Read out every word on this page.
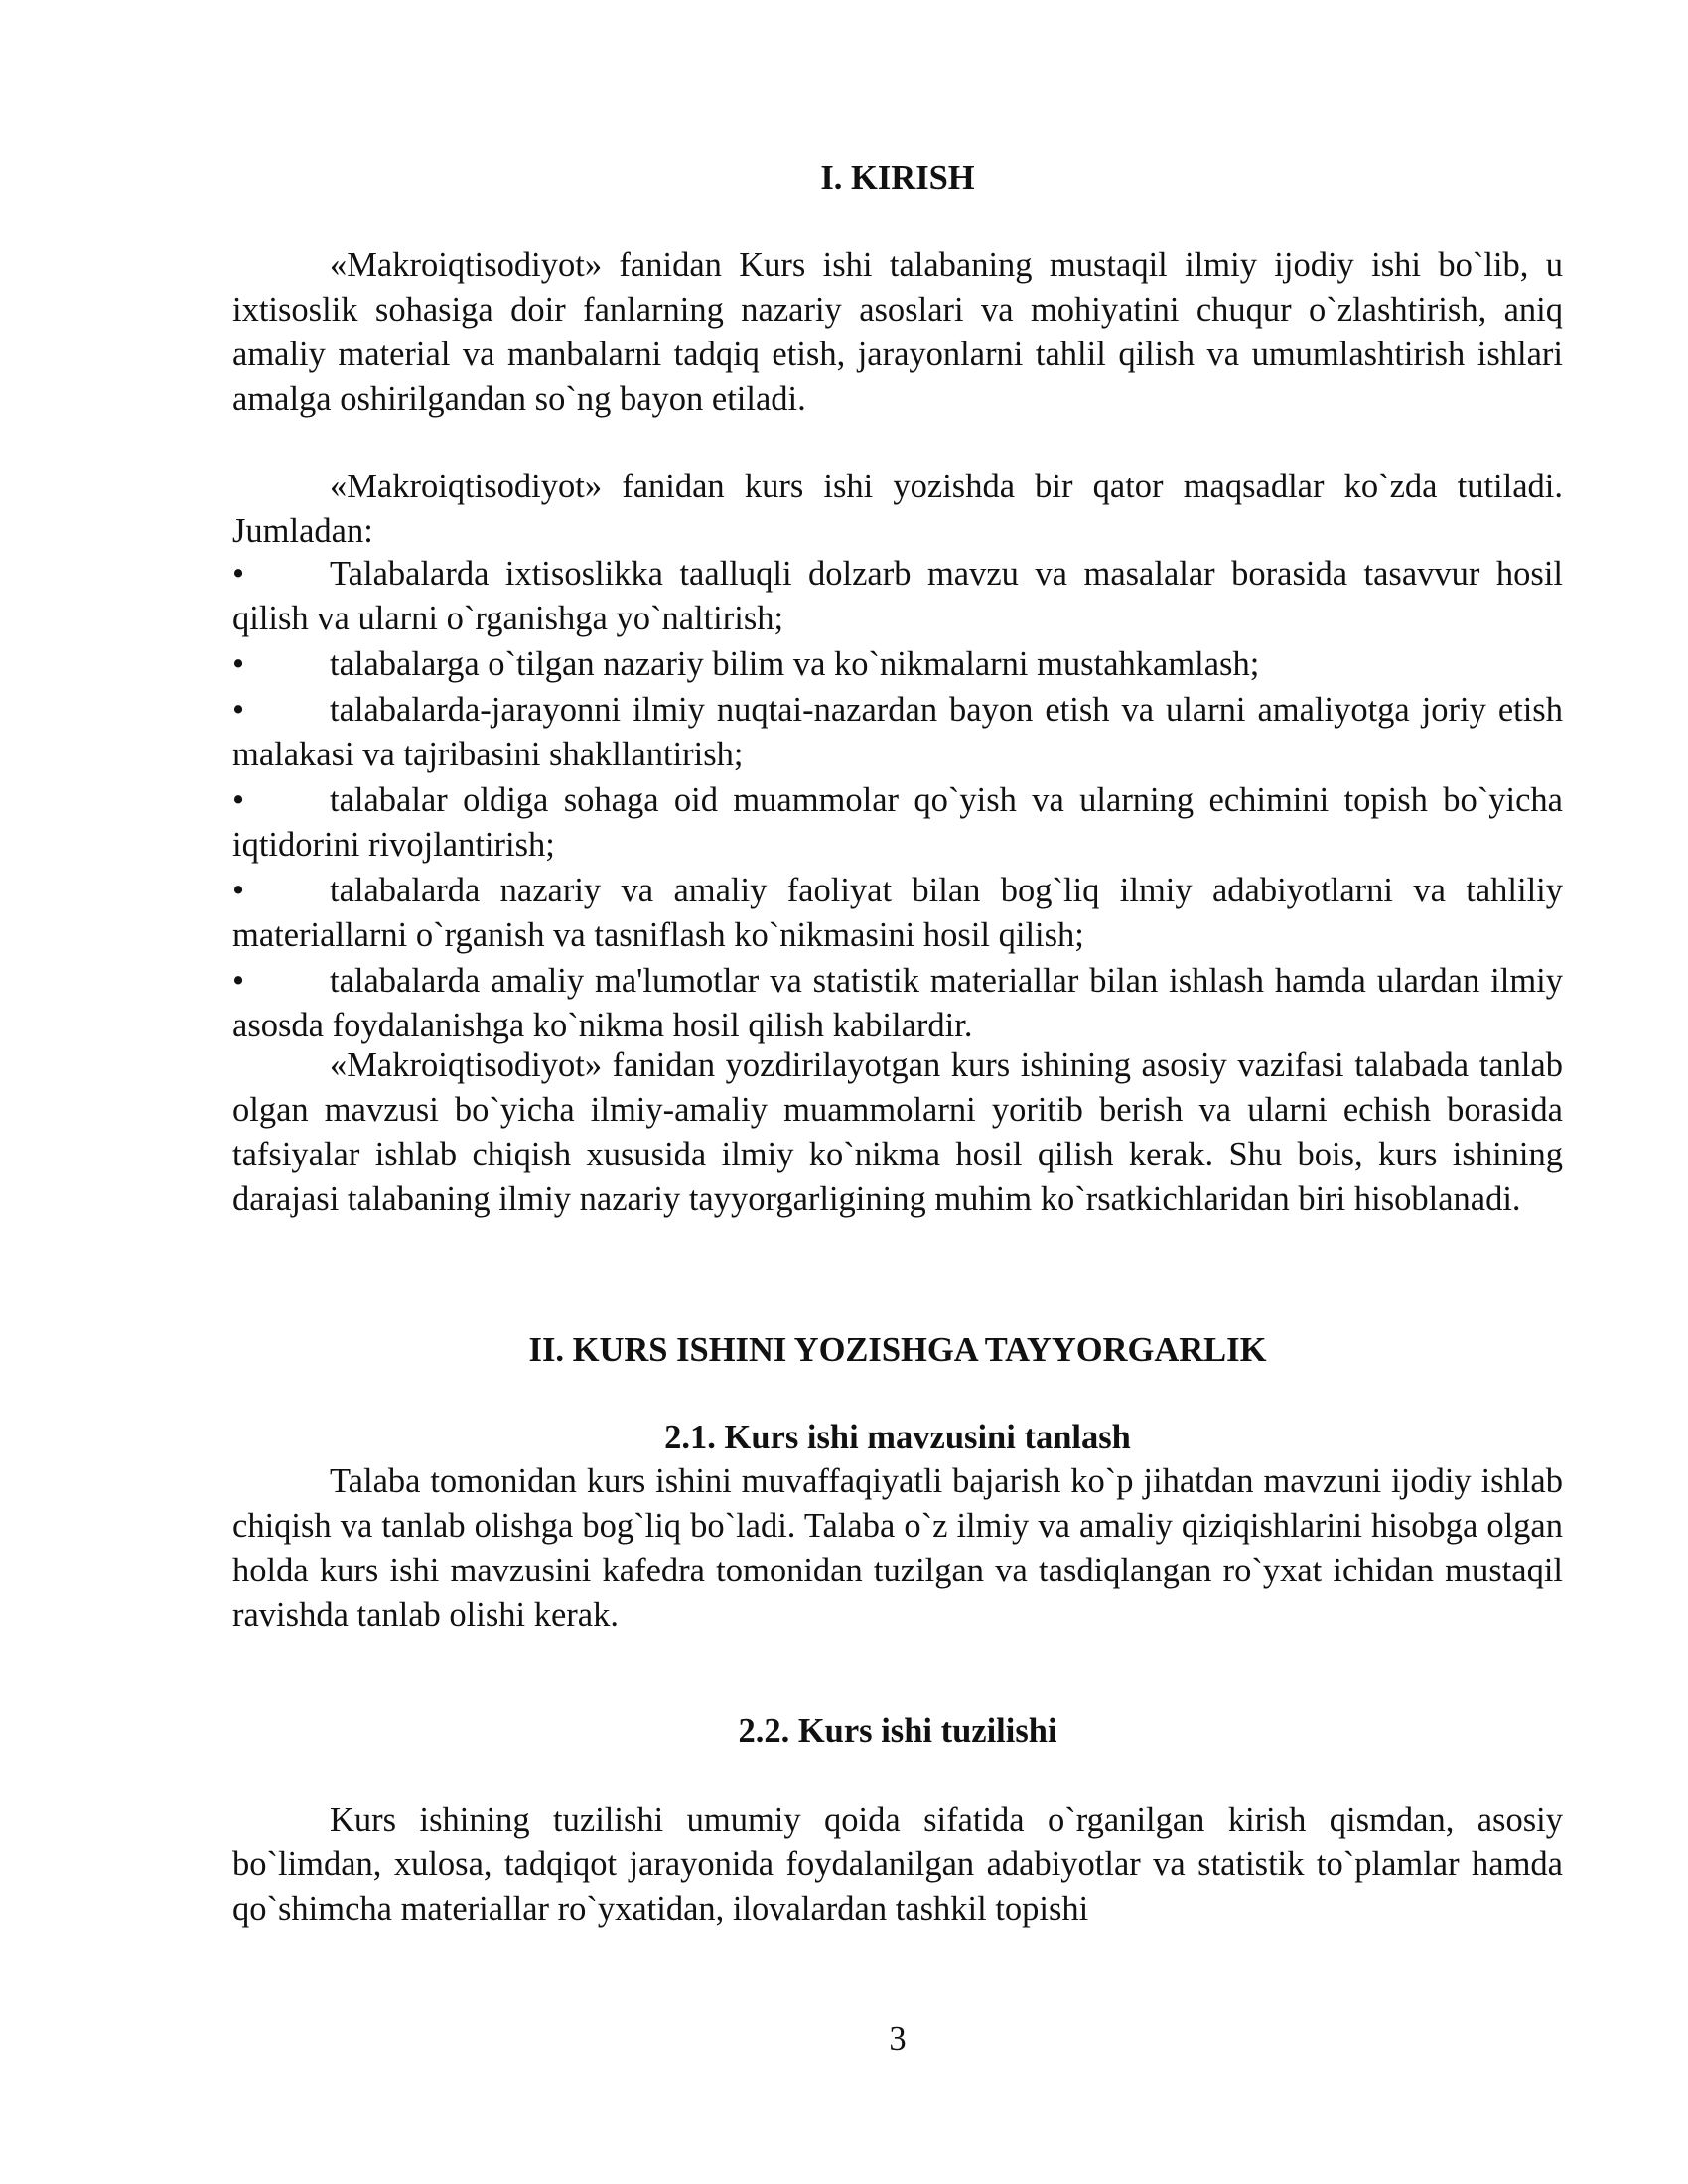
I. KIRISH

«Makroiqtisodiyot» fanidan Kurs ishi talabaning mustaqil ilmiy ijodiy ishi bo`lib, u ixtisoslik sohasiga doir fanlarning nazariy asoslari va mohiyatini chuqur o`zlashtirish, aniq amaliy material va manbalarni tadqiq etish, jarayonlarni tahlil qilish va umumlashtirish ishlari amalga oshirilgandan so`ng bayon etiladi.

«Makroiqtisodiyot» fanidan kurs ishi yozishda bir qator maqsadlar ko`zda tutiladi. Jumladan:

•	Talabalarda ixtisoslikka taalluqli dolzarb mavzu va masalalar borasida tasavvur hosil qilish va ularni o`rganishga yo`naltirish;

•	talabalarga o`tilgan nazariy bilim va ko`nikmalarni mustahkamlash;

•	talabalarda-jarayonni ilmiy nuqtai-nazardan bayon etish va ularni amaliyotga joriy etish malakasi va tajribasini shakllantirish;

•	talabalar oldiga sohaga oid muammolar qo`yish va ularning echimini topish bo`yicha iqtidorini rivojlantirish;

•	talabalarda nazariy va amaliy faoliyat bilan bog`liq ilmiy adabiyotlarni va tahliliy materiallarni o`rganish va tasniflash ko`nikmasini hosil qilish;

•	talabalarda amaliy ma'lumotlar va statistik materiallar bilan ishlash hamda ulardan ilmiy asosda foydalanishga ko`nikma hosil qilish kabilardir.

«Makroiqtisodiyot» fanidan yozdirilayotgan kurs ishining asosiy vazifasi talabada tanlab olgan mavzusi bo`yicha ilmiy-amaliy muammolarni yoritib berish va ularni echish borasida tafsiyalar ishlab chiqish xususida ilmiy ko`nikma hosil qilish kerak. Shu bois, kurs ishining darajasi talabaning ilmiy nazariy tayyorgarligining muhim ko`rsatkichlaridan biri hisoblanadi.

II. KURS ISHINI YOZISHGA TAYYORGARLIK
2.1. Kurs ishi mavzusini tanlash

Talaba tomonidan kurs ishini muvaffaqiyatli bajarish ko`p jihatdan mavzuni ijodiy ishlab chiqish va tanlab olishga bog`liq bo`ladi. Talaba o`z ilmiy va amaliy qiziqishlarini hisobga olgan holda kurs ishi mavzusini kafedra tomonidan tuzilgan va tasdiqlangan ro`yxat ichidan mustaqil ravishda tanlab olishi kerak.

2.2. Kurs ishi tuzilishi

Kurs ishining tuzilishi umumiy qoida sifatida o`rganilgan kirish qismdan, asosiy bo`limdan, xulosa, tadqiqot jarayonida foydalanilgan adabiyotlar va statistik to`plamlar hamda qo`shimcha materiallar ro`yxatidan, ilovalardan tashkil topishi

3
